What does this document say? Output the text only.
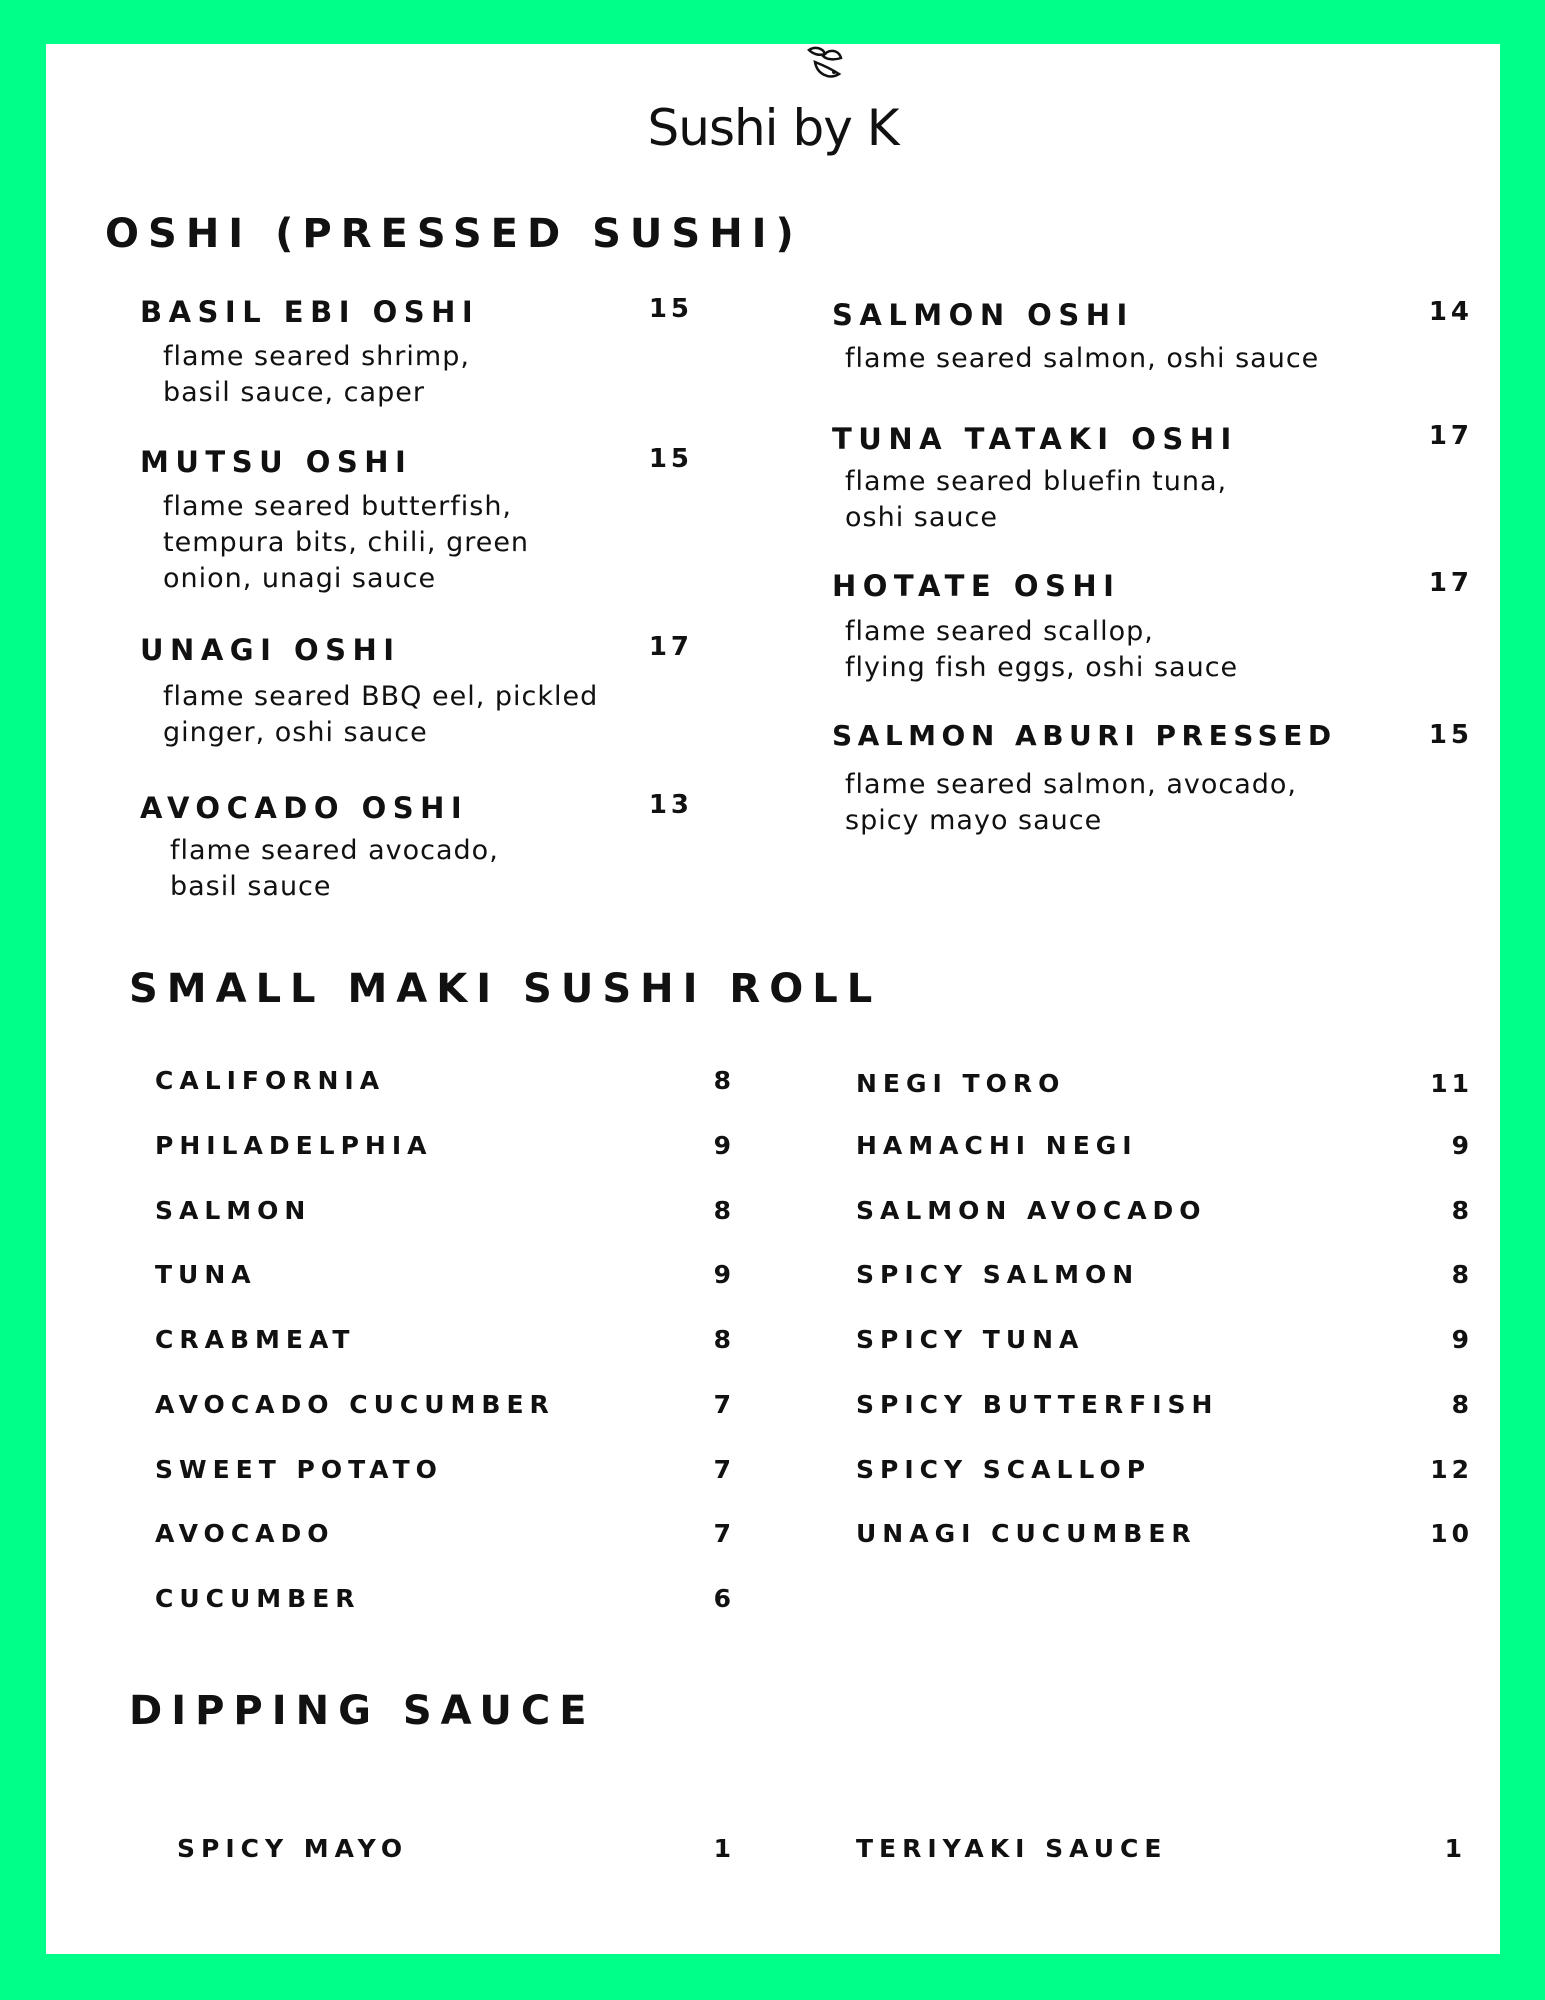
Sushi by K
OSHI (PRESSED SUSHI)
BASIL EBI OSHI	15
flame seared shrimp,
basil sauce, caper
MUTSU OSHI	15
flame seared butterfish,
tempura bits, chili, green
onion, unagi sauce
UNAGI OSHI	17
flame seared BBQ eel, pickled
ginger, oshi sauce
AVOCADO OSHI	13
flame seared avocado,
basil sauce
SALMON OSHI	14
flame seared salmon, oshi sauce
TUNA TATAKI OSHI	17
flame seared bluefin tuna,
oshi sauce
HOTATE OSHI	17
flame seared scallop,
flying fish eggs, oshi sauce
SALMON ABURI PRESSED	15
flame seared salmon, avocado,
spicy mayo sauce
SMALL MAKI SUSHI ROLL
CALIFORNIA	8
PHILADELPHIA	9
SALMON	8
TUNA	9
CRABMEAT	8
AVOCADO CUCUMBER	7
SWEET POTATO	7
AVOCADO	7
CUCUMBER	6
NEGI TORO	11
HAMACHI NEGI	9
SALMON AVOCADO	8
SPICY SALMON	8
SPICY TUNA	9
SPICY BUTTERFISH	8
SPICY SCALLOP	12
UNAGI CUCUMBER	10
DIPPING SAUCE
SPICY MAYO	1	TERIYAKI SAUCE	1
